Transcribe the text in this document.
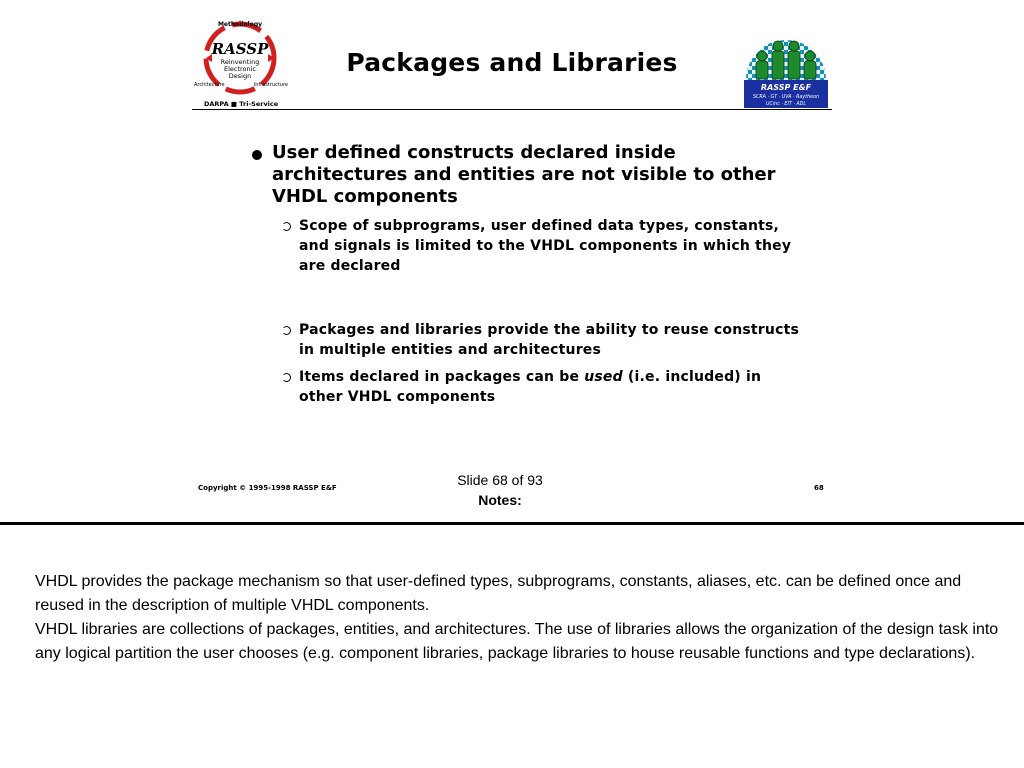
Methodology
RASSP
Reinventing
Electronic
Design
Architecture	Infrastructure
DARPA ■ Tri-Service
Packages and Libraries
RASSP E&F
SCRA · GT · UVA · Raytheon
UCinc · EIT · ADL

User defined constructs declared inside architectures and entities are not visible to other VHDL components

Scope of subprograms, user defined data types, constants, and signals is limited to the VHDL components in which they are declared
Packages and libraries provide the ability to reuse constructs in multiple entities and architectures
Items declared in packages can be used (i.e. included) in other VHDL components
Copyright © 1995-1998 RASSP E&F	68
Slide 68 of 93
Notes:

VHDL provides the package mechanism so that user-defined types, subprograms, constants, aliases, etc. can be defined once and reused in the description of multiple VHDL components.

VHDL libraries are collections of packages, entities, and architectures. The use of libraries allows the organization of the design task into any logical partition the user chooses (e.g. component libraries, package libraries to house reusable functions and type declarations).
